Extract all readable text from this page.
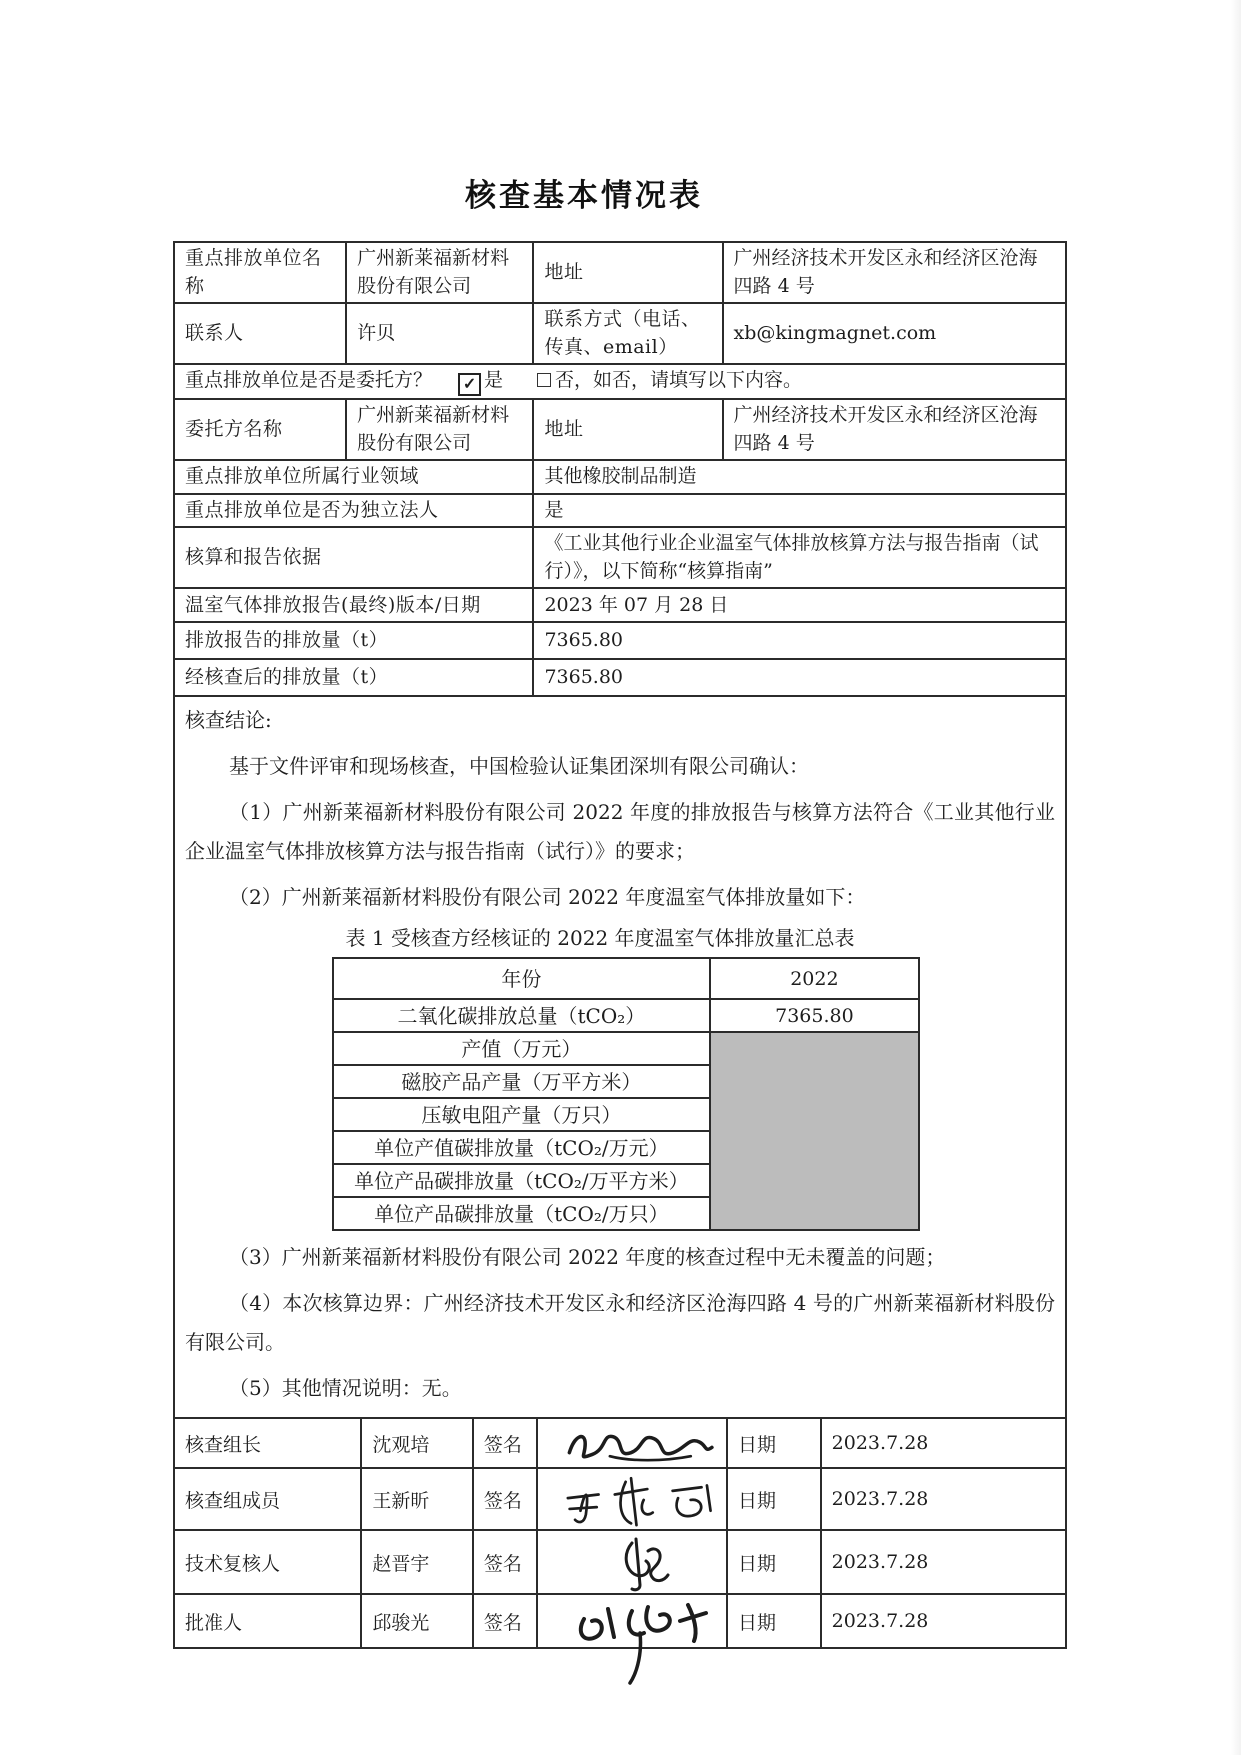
核查基本情况表
重点排放单位名称	广州新莱福新材料股份有限公司	地址	广州经济技术开发区永和经济区沧海四路 4 号
联系人	许贝	联系方式（电话、传真、email）	xb@kingmagnet.com
重点排放单位是否是委托方？ ✓ 是	否，如否，请填写以下内容。
委托方名称	广州新莱福新材料股份有限公司	地址	广州经济技术开发区永和经济区沧海四路 4 号
重点排放单位所属行业领域	其他橡胶制品制造
重点排放单位是否为独立法人	是
核算和报告依据	《工业其他行业企业温室气体排放核算方法与报告指南（试行）》，以下简称“核算指南”
温室气体排放报告(最终)版本/日期	2023 年 07 月 28 日
排放报告的排放量（t）	7365.80
经核查后的排放量（t）	7365.80

核查结论:

基于文件评审和现场核查，中国检验认证集团深圳有限公司确认：

（1）广州新莱福新材料股份有限公司 2022 年度的排放报告与核算方法符合《工业其他行业企业温室气体排放核算方法与报告指南（试行）》的要求；

（2）广州新莱福新材料股份有限公司 2022 年度温室气体排放量如下：

表 1 受核查方经核证的 2022 年度温室气体排放量汇总表
年份	2022
二氧化碳排放总量（tCO₂）	7365.80
产值（万元）	
磁胶产品产量（万平方米）
压敏电阻产量（万只）
单位产值碳排放量（tCO₂/万元）
单位产品碳排放量（tCO₂/万平方米）
单位产品碳排放量（tCO₂/万只）

（3）广州新莱福新材料股份有限公司 2022 年度的核查过程中无未覆盖的问题；

（4）本次核算边界：广州经济技术开发区永和经济区沧海四路 4 号的广州新莱福新材料股份有限公司。

（5）其他情况说明：无。

核查组长	沈观培	签名		日期	2023.7.28
核查组成员	王新昕	签名		日期	2023.7.28
技术复核人	赵晋宇	签名		日期	2023.7.28
批准人	邱骏光	签名		日期	2023.7.28
